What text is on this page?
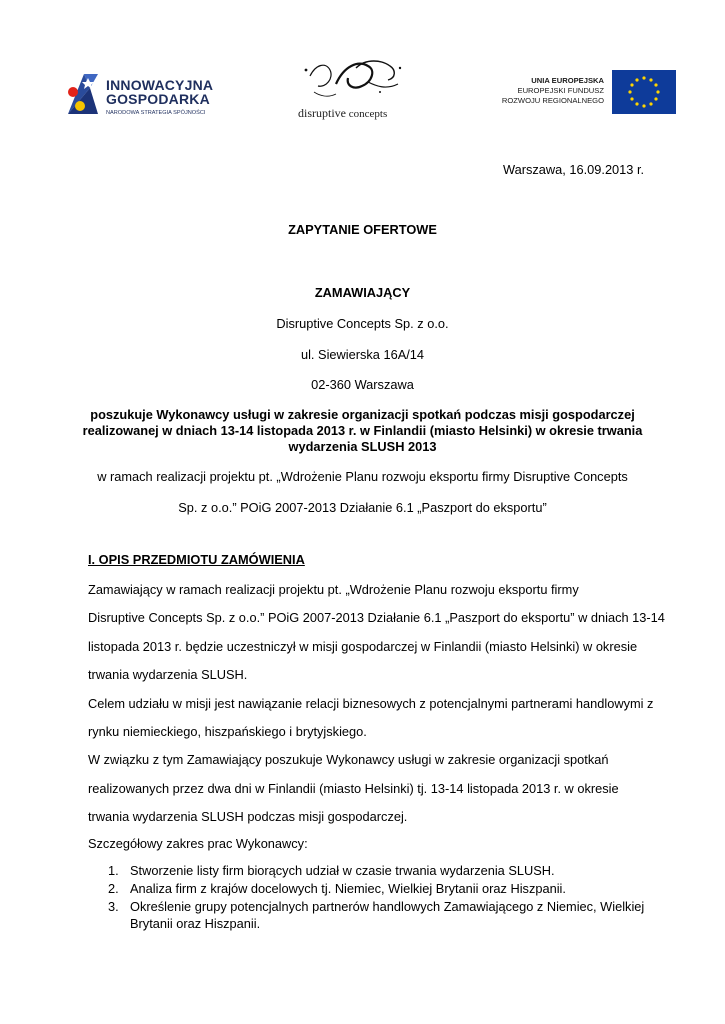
INNOWACYJNA
GOSPODARKA
NARODOWA STRATEGIA SPÓJNOŚCI	disruptive concepts
UNIA EUROPEJSKA
EUROPEJSKI FUNDUSZ
ROZWOJU REGIONALNEGO
Warszawa, 16.09.2013 r.
ZAPYTANIE OFERTOWE
ZAMAWIAJĄCY
Disruptive Concepts Sp. z o.o.
ul. Siewierska 16A/14
02-360 Warszawa
poszukuje Wykonawcy usługi w zakresie organizacji spotkań podczas misji gospodarczej
realizowanej w dniach 13-14 listopada 2013 r. w Finlandii (miasto Helsinki) w okresie trwania
wydarzenia SLUSH 2013
w ramach realizacji projektu pt. „Wdrożenie Planu rozwoju eksportu firmy Disruptive Concepts
Sp. z o.o.” POiG 2007-2013 Działanie 6.1 „Paszport do eksportu”
I. OPIS PRZEDMIOTU ZAMÓWIENIA
Zamawiający w ramach realizacji projektu pt. „Wdrożenie Planu rozwoju eksportu firmy
Disruptive Concepts Sp. z o.o.” POiG 2007-2013 Działanie 6.1 „Paszport do eksportu” w dniach 13-14
listopada 2013 r. będzie uczestniczył w misji gospodarczej w Finlandii (miasto Helsinki) w okresie
trwania wydarzenia SLUSH.
Celem udziału w misji jest nawiązanie relacji biznesowych z potencjalnymi partnerami handlowymi z
rynku niemieckiego, hiszpańskiego i brytyjskiego.
W związku z tym Zamawiający poszukuje Wykonawcy usługi w zakresie organizacji spotkań
realizowanych przez dwa dni w Finlandii (miasto Helsinki) tj. 13-14 listopada 2013 r. w okresie
trwania wydarzenia SLUSH podczas misji gospodarczej.
Szczegółowy zakres prac Wykonawcy:
1. Stworzenie listy firm biorących udział w czasie trwania wydarzenia SLUSH.
2. Analiza firm z krajów docelowych tj. Niemiec, Wielkiej Brytanii oraz Hiszpanii.
3. Określenie grupy potencjalnych partnerów handlowych Zamawiającego z Niemiec, Wielkiej
Brytanii oraz Hiszpanii.
